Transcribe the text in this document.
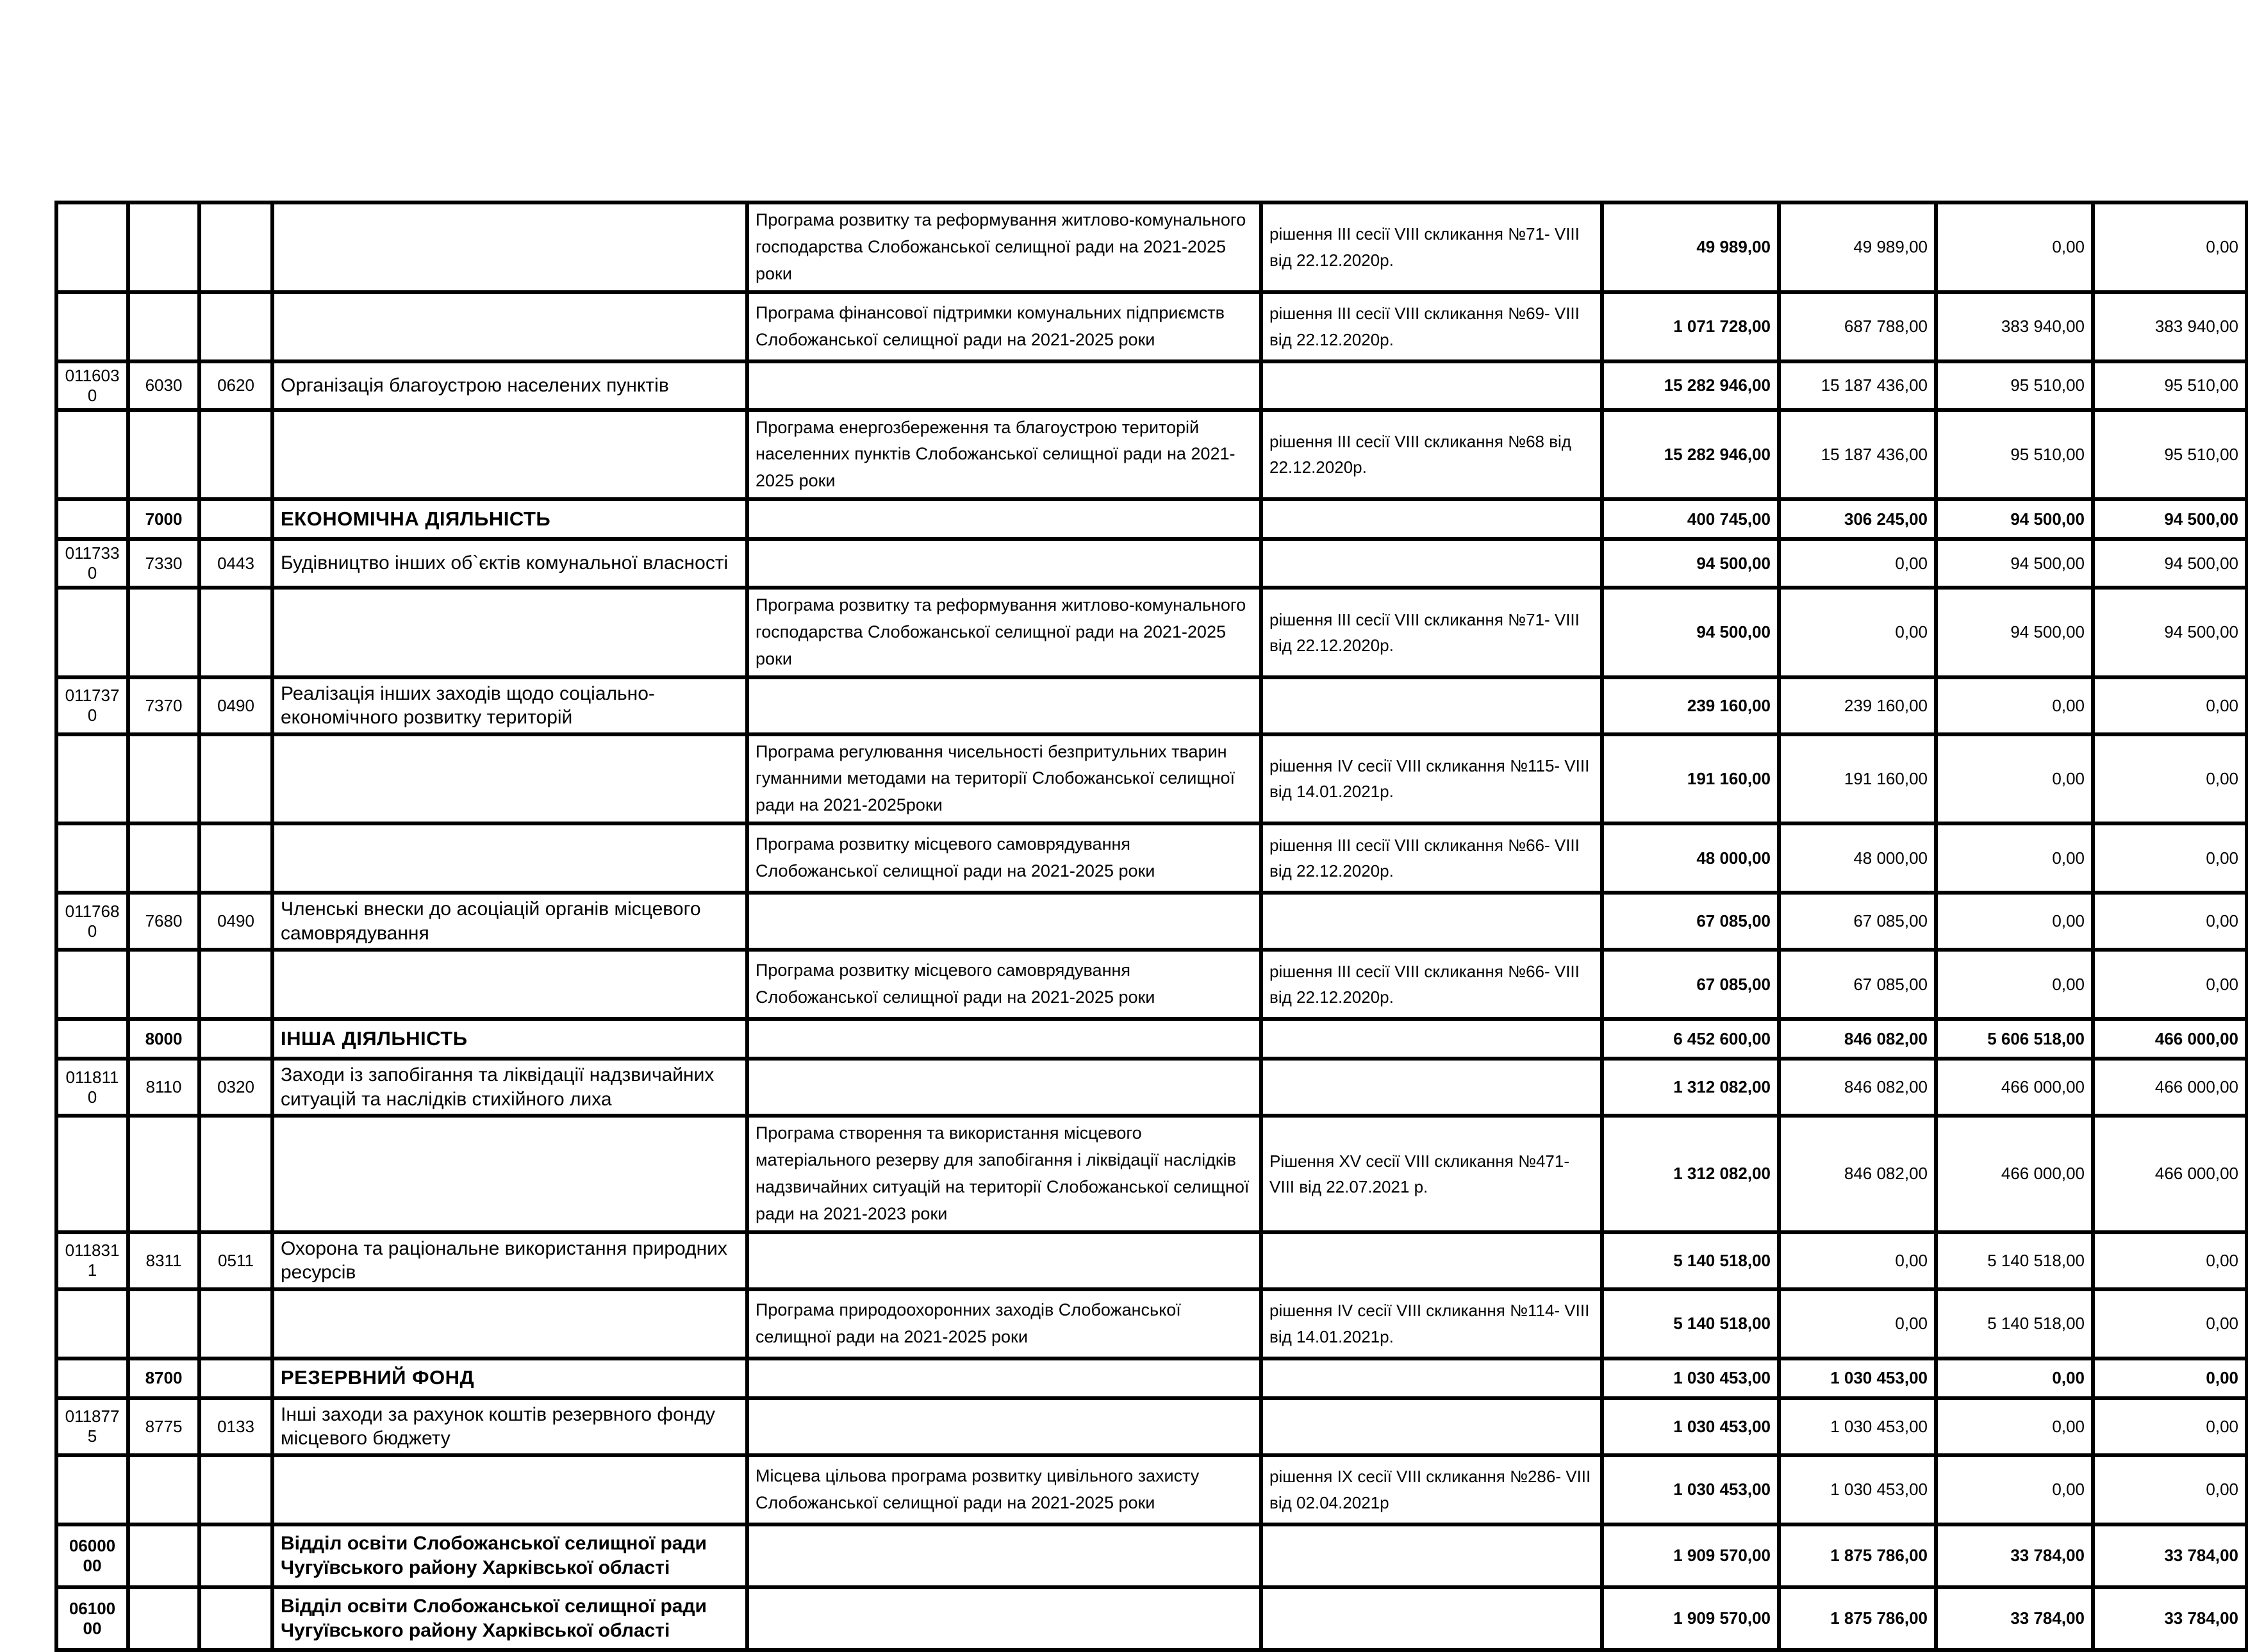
				Програма розвитку та реформування житлово-комунального господарства Слобожанської селищної ради на 2021-2025 роки	рішення III сесії VIII скликання №71- VIII від 22.12.2020р.	49 989,00	49 989,00	0,00	0,00
				Програма фінансової підтримки комунальних підприємств Слобожанської селищної ради на 2021-2025 роки	рішення III сесії VIII скликання №69- VIII від 22.12.2020р.	1 071 728,00	687 788,00	383 940,00	383 940,00
0116030	6030	0620	Організація благоустрою населених пунктів			15 282 946,00	15 187 436,00	95 510,00	95 510,00
				Програма енергозбереження та благоустрою територій населенних пунктів Слобожанської селищної ради на 2021-2025 роки	рішення III сесії VIII скликання №68 від 22.12.2020р.	15 282 946,00	15 187 436,00	95 510,00	95 510,00
	7000		ЕКОНОМІЧНА ДІЯЛЬНІСТЬ			400 745,00	306 245,00	94 500,00	94 500,00
0117330	7330	0443	Будівництво інших об`єктів комунальної власності			94 500,00	0,00	94 500,00	94 500,00
				Програма розвитку та реформування житлово-комунального господарства Слобожанської селищної ради на 2021-2025 роки	рішення III сесії VIII скликання №71- VIII від 22.12.2020р.	94 500,00	0,00	94 500,00	94 500,00
0117370	7370	0490	Реалізація інших заходів щодо соціально-економічного розвитку територій			239 160,00	239 160,00	0,00	0,00
				Програма регулювання чисельності безпритульних тварин гуманними методами на території Слобожанської селищної ради на 2021-2025роки	рішення IV сесії VIII скликання №115- VIII від 14.01.2021р.	191 160,00	191 160,00	0,00	0,00
				Програма розвитку місцевого самоврядування Слобожанської селищної ради на 2021-2025 роки	рішення III сесії VIII скликання №66- VIII від 22.12.2020р.	48 000,00	48 000,00	0,00	0,00
0117680	7680	0490	Членські внески до асоціацій органів місцевого самоврядування			67 085,00	67 085,00	0,00	0,00
				Програма розвитку місцевого самоврядування Слобожанської селищної ради на 2021-2025 роки	рішення III сесії VIII скликання №66- VIII від 22.12.2020р.	67 085,00	67 085,00	0,00	0,00
	8000		ІНША ДІЯЛЬНІСТЬ			6 452 600,00	846 082,00	5 606 518,00	466 000,00
0118110	8110	0320	Заходи із запобігання та ліквідації надзвичайних ситуацій та наслідків стихійного лиха			1 312 082,00	846 082,00	466 000,00	466 000,00
				Програма створення та використання місцевого матеріального резерву для запобігання і ліквідації наслідків надзвичайних ситуацій на території Слобожанської селищної ради на 2021-2023 роки	Рішення XV сесії VIII скликання №471-VIII від 22.07.2021 р.	1 312 082,00	846 082,00	466 000,00	466 000,00
0118311	8311	0511	Охорона та раціональне використання природних ресурсів			5 140 518,00	0,00	5 140 518,00	0,00
				Програма природоохоронних заходів Слобожанської селищної ради на 2021-2025 роки	рішення IV сесії VIII скликання №114- VIII від 14.01.2021р.	5 140 518,00	0,00	5 140 518,00	0,00
	8700		РЕЗЕРВНИЙ ФОНД			1 030 453,00	1 030 453,00	0,00	0,00
0118775	8775	0133	Інші заходи за рахунок коштів резервного фонду місцевого бюджету			1 030 453,00	1 030 453,00	0,00	0,00
				Місцева цільова програма розвитку цивільного захисту Слобожанської селищної ради на 2021-2025 роки	рішення IX сесії VIII скликання №286- VIII від 02.04.2021р	1 030 453,00	1 030 453,00	0,00	0,00
0600000			Відділ освіти Слобожанської селищної ради Чугуївського району Харківської області			1 909 570,00	1 875 786,00	33 784,00	33 784,00
0610000			Відділ освіти Слобожанської селищної ради Чугуївського району Харківської області			1 909 570,00	1 875 786,00	33 784,00	33 784,00
